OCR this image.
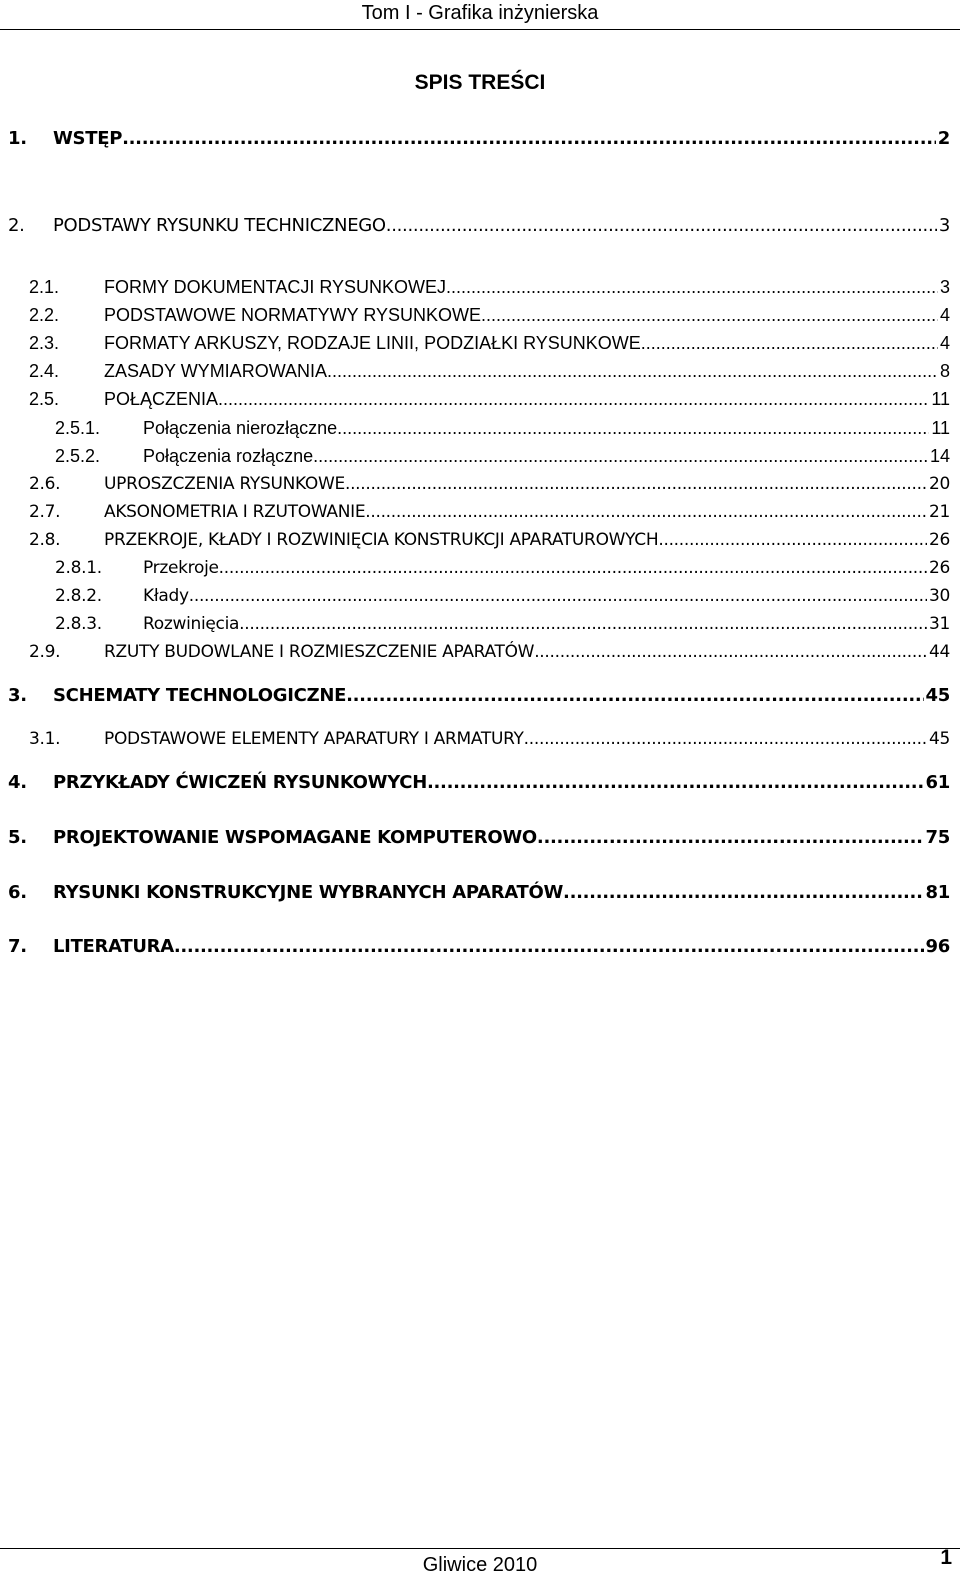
Tom I - Grafika inżynierska
SPIS TREŚCI
1. WSTĘP .....	2
2. PODSTAWY RYSUNKU TECHNICZNEGO .....	3
2.1. FORMY DOKUMENTACJI RYSUNKOWEJ .....	3
2.2. PODSTAWOWE NORMATYWY RYSUNKOWE .....	4
2.3. FORMATY ARKUSZY, RODZAJE LINII, PODZIAŁKI RYSUNKOWE .....	4
2.4. ZASADY WYMIAROWANIA .....	8
2.5. POŁĄCZENIA .....	11
2.5.1. Połączenia nierozłączne. .....	11
2.5.2. Połączenia rozłączne. .....	14
2.6.	UPROSZCZENIA RYSUNKOWE .....	20
2.7.	AKSONOMETRIA I RZUTOWANIE .....	21
2.8.	PRZEKROJE, KŁADY I ROZWINIĘCIA KONSTRUKCJI APARATUROWYCH .....	26
2.8.1. Przekroje .....	26
2.8.2. Kłady .....	30
2.8.3. Rozwinięcia .....	31
2.9.	RZUTY BUDOWLANE I ROZMIESZCZENIE APARATÓW .....	44
3. SCHEMATY TECHNOLOGICZNE .....	45
3.1.	PODSTAWOWE ELEMENTY APARATURY I ARMATURY .....	45
4. PRZYKŁADY ĆWICZEŃ RYSUNKOWYCH .....	61
5. PROJEKTOWANIE WSPOMAGANE KOMPUTEROWO .....	75
6. RYSUNKI KONSTRUKCYJNE WYBRANYCH APARATÓW .....	81
7. LITERATURA .....	96
Gliwice 2010	1
